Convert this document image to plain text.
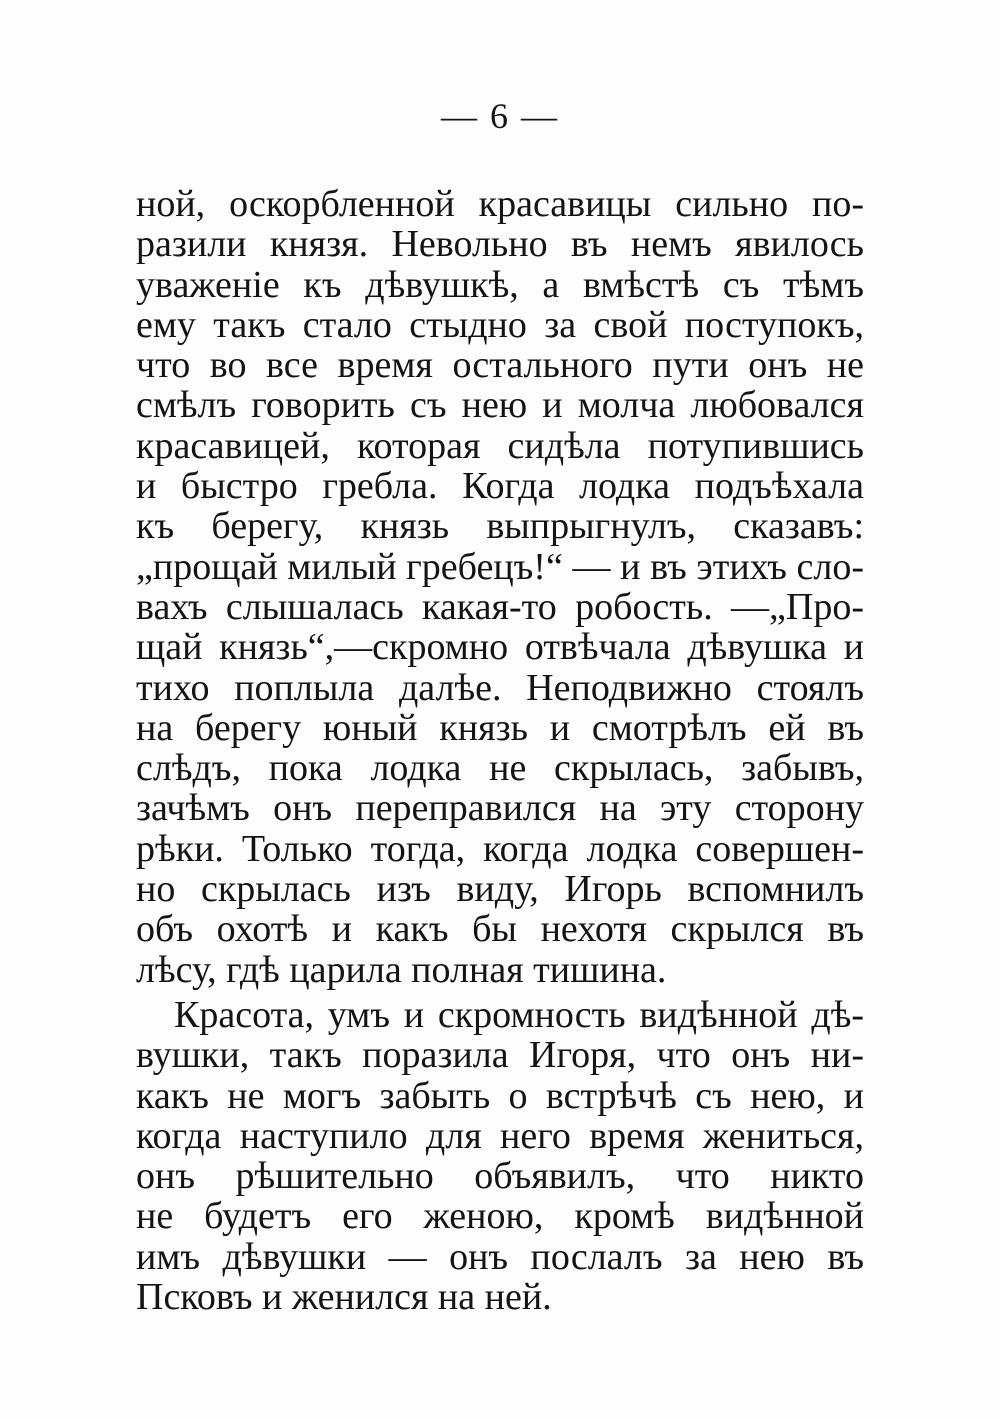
— 6 —
ной, оскорбленной красавицы сильно по-
разили князя. Невольно въ немъ явилось
уваженіе къ дѣвушкѣ, а вмѣстѣ съ тѣмъ
ему такъ стало стыдно за свой поступокъ,
что во все время остального пути онъ не
смѣлъ говорить съ нею и молча любовался
красавицей, которая сидѣла потупившись
и быстро гребла. Когда лодка подъѣхала
къ берегу, князь выпрыгнулъ, сказавъ:
„прощай милый гребецъ!“ — и въ этихъ сло-
вахъ слышалась какая-то робость. —„Про-
щай князь“,—скромно отвѣчала дѣвушка и
тихо поплыла далѣе. Неподвижно стоялъ
на берегу юный князь и смотрѣлъ ей въ
слѣдъ, пока лодка не скрылась, забывъ,
зачѣмъ онъ переправился на эту сторону
рѣки. Только тогда, когда лодка совершен-
но скрылась изъ виду, Игорь вспомнилъ
объ охотѣ и какъ бы нехотя скрылся въ
лѣсу, гдѣ царила полная тишина.
Красота, умъ и скромность видѣнной дѣ-
вушки, такъ поразила Игоря, что онъ ни-
какъ не могъ забыть о встрѣчѣ съ нею, и
когда наступило для него время жениться,
онъ рѣшительно объявилъ, что никто
не будетъ его женою, кромѣ видѣнной
имъ дѣвушки — онъ послалъ за нею въ
Псковъ и женился на ней.
